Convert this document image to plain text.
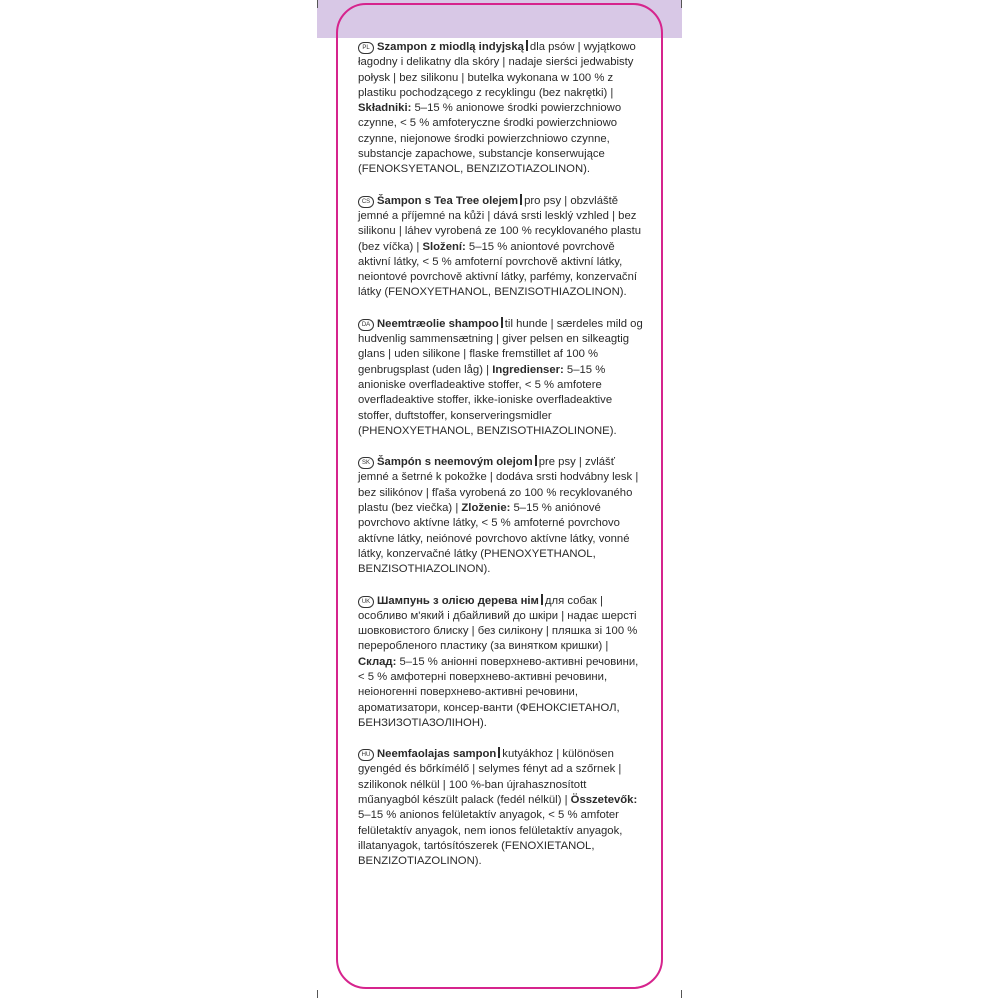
PL Szampon z miodlą indyjską dla psów | wyjątkowo łagodny i delikatny dla skóry | nadaje sierści jedwabisty połysk | bez silikonu | butelka wykonana w 100 % z plastiku pochodzącego z recyklingu (bez nakrętki) | Składniki: 5–15 % anionowe środki powierzchniowo czynne, < 5 % amfoteryczne środki powierzchniowo czynne, niejonowe środki powierzchniowo czynne, substancje zapachowe, substancje konserwujące (FENOKSYETANOL, BENZIZOTIAZOLINON).

CS Šampon s Tea Tree olejem pro psy | obzvláště jemné a příjemné na kůži | dává srsti lesklý vzhled | bez silikonu | láhev vyrobená ze 100 % recyklovaného plastu (bez víčka) | Složení: 5–15 % aniontové povrchově aktivní látky, < 5 % amfoterní povrchově aktivní látky, neiontové povrchově aktivní látky, parfémy, konzervační látky (FENOXYETHANOL, BENZISOTHIAZOLINON).

DA Neemtræolie shampoo til hunde | særdeles mild og hudvenlig sammensætning | giver pelsen en silkeagtig glans | uden silikone | flaske fremstillet af 100 % genbrugsplast (uden låg) | Ingredienser: 5–15 % anioniske overfladeaktive stoffer, < 5 % amfotere overfladeaktive stoffer, ikke-ioniske overfladeaktive stoffer, duftstoffer, konserveringsmidler (PHENOXYETHANOL, BENZISOTHIAZOLINONE).

SK Šampón s neemovým olejom pre psy | zvlášť jemné a šetrné k pokožke | dodáva srsti hodvábny lesk | bez silikónov | fľaša vyrobená zo 100 % recyklovaného plastu (bez viečka) | Zloženie: 5–15 % aniónové povrchovo aktívne látky, < 5 % amfoterné povrchovo aktívne látky, neiónové povrchovo aktívne látky, vonné látky, konzervačné látky (PHENOXYETHANOL, BENZISOTHIAZOLINON).

UK Шампунь з олією дерева нім для собак | особливо м'який і дбайливий до шкіри | надає шерсті шовковистого блиску | без силікону | пляшка зі 100 % переробленого пластику (за винятком кришки) | Склад: 5–15 % аніонні поверхнево-активні речовини, < 5 % амфотерні поверхнево-активні речовини, неіоногенні поверхнево-активні речовини, ароматизатори, консер-ванти (ФЕНОКСІЕТАНОЛ, БЕНЗИЗОТІАЗОЛІНОН).

HU Neemfaolajas sampon kutyákhoz | különösen gyengéd és bőrkímélő | selymes fényt ad a szőrnek | szilikonok nélkül | 100 %-ban újrahasznosított műanyagból készült palack (fedél nélkül) | Összetevők: 5–15 % anionos felületaktív anyagok, < 5 % amfoter felületaktív anyagok, nem ionos felületaktív anyagok, illatanyagok, tartósítószerek (FENOXIETANOL, BENZIZOTIAZOLINON).
